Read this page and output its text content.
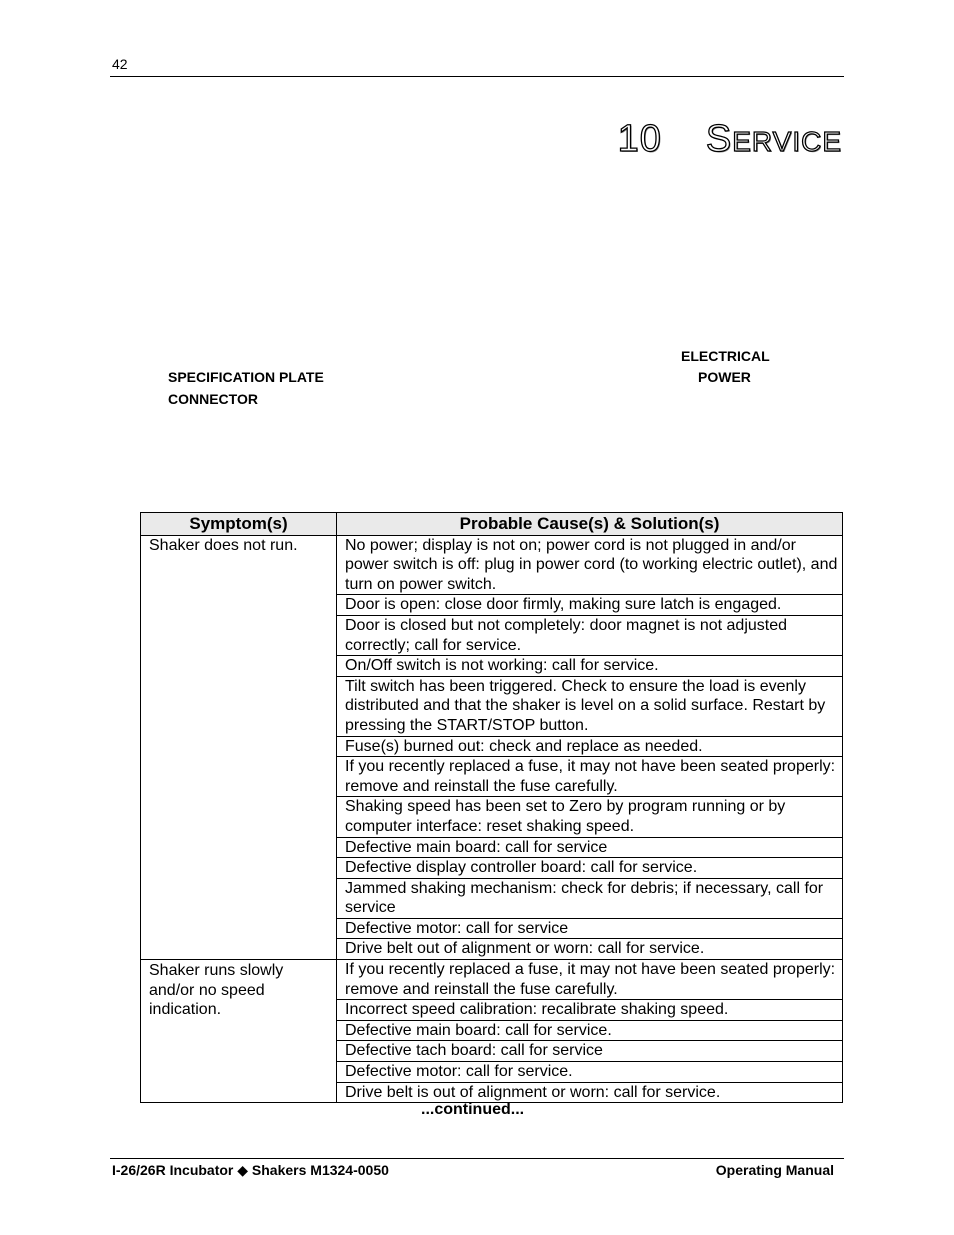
42
10 SERVICE
SPECIFICATION PLATE
CONNECTOR
ELECTRICAL
POWER
Symptom(s)	Probable Cause(s) & Solution(s)
Shaker does not run.	No power; display is not on; power cord is not plugged in and/or power switch is off: plug in power cord (to working electric outlet), and turn on power switch.
	Door is open: close door firmly, making sure latch is engaged.
	Door is closed but not completely: door magnet is not adjusted correctly; call for service.
	On/Off switch is not working: call for service.
	Tilt switch has been triggered. Check to ensure the load is evenly distributed and that the shaker is level on a solid surface. Restart by pressing the START/STOP button.
	Fuse(s) burned out: check and replace as needed.
	If you recently replaced a fuse, it may not have been seated properly: remove and reinstall the fuse carefully.
	Shaking speed has been set to Zero by program running or by computer interface: reset shaking speed.
	Defective main board: call for service
	Defective display controller board: call for service.
	Jammed shaking mechanism: check for debris; if necessary, call for service
	Defective motor: call for service
	Drive belt out of alignment or worn: call for service.
Shaker runs slowly and/or no speed indication.	If you recently replaced a fuse, it may not have been seated properly: remove and reinstall the fuse carefully.
	Incorrect speed calibration: recalibrate shaking speed.
	Defective main board: call for service.
	Defective tach board: call for service
	Defective motor: call for service.
	Drive belt is out of alignment or worn: call for service.
...continued...
I-26/26R Incubator ◆ Shakers M1324-0050	Operating Manual
